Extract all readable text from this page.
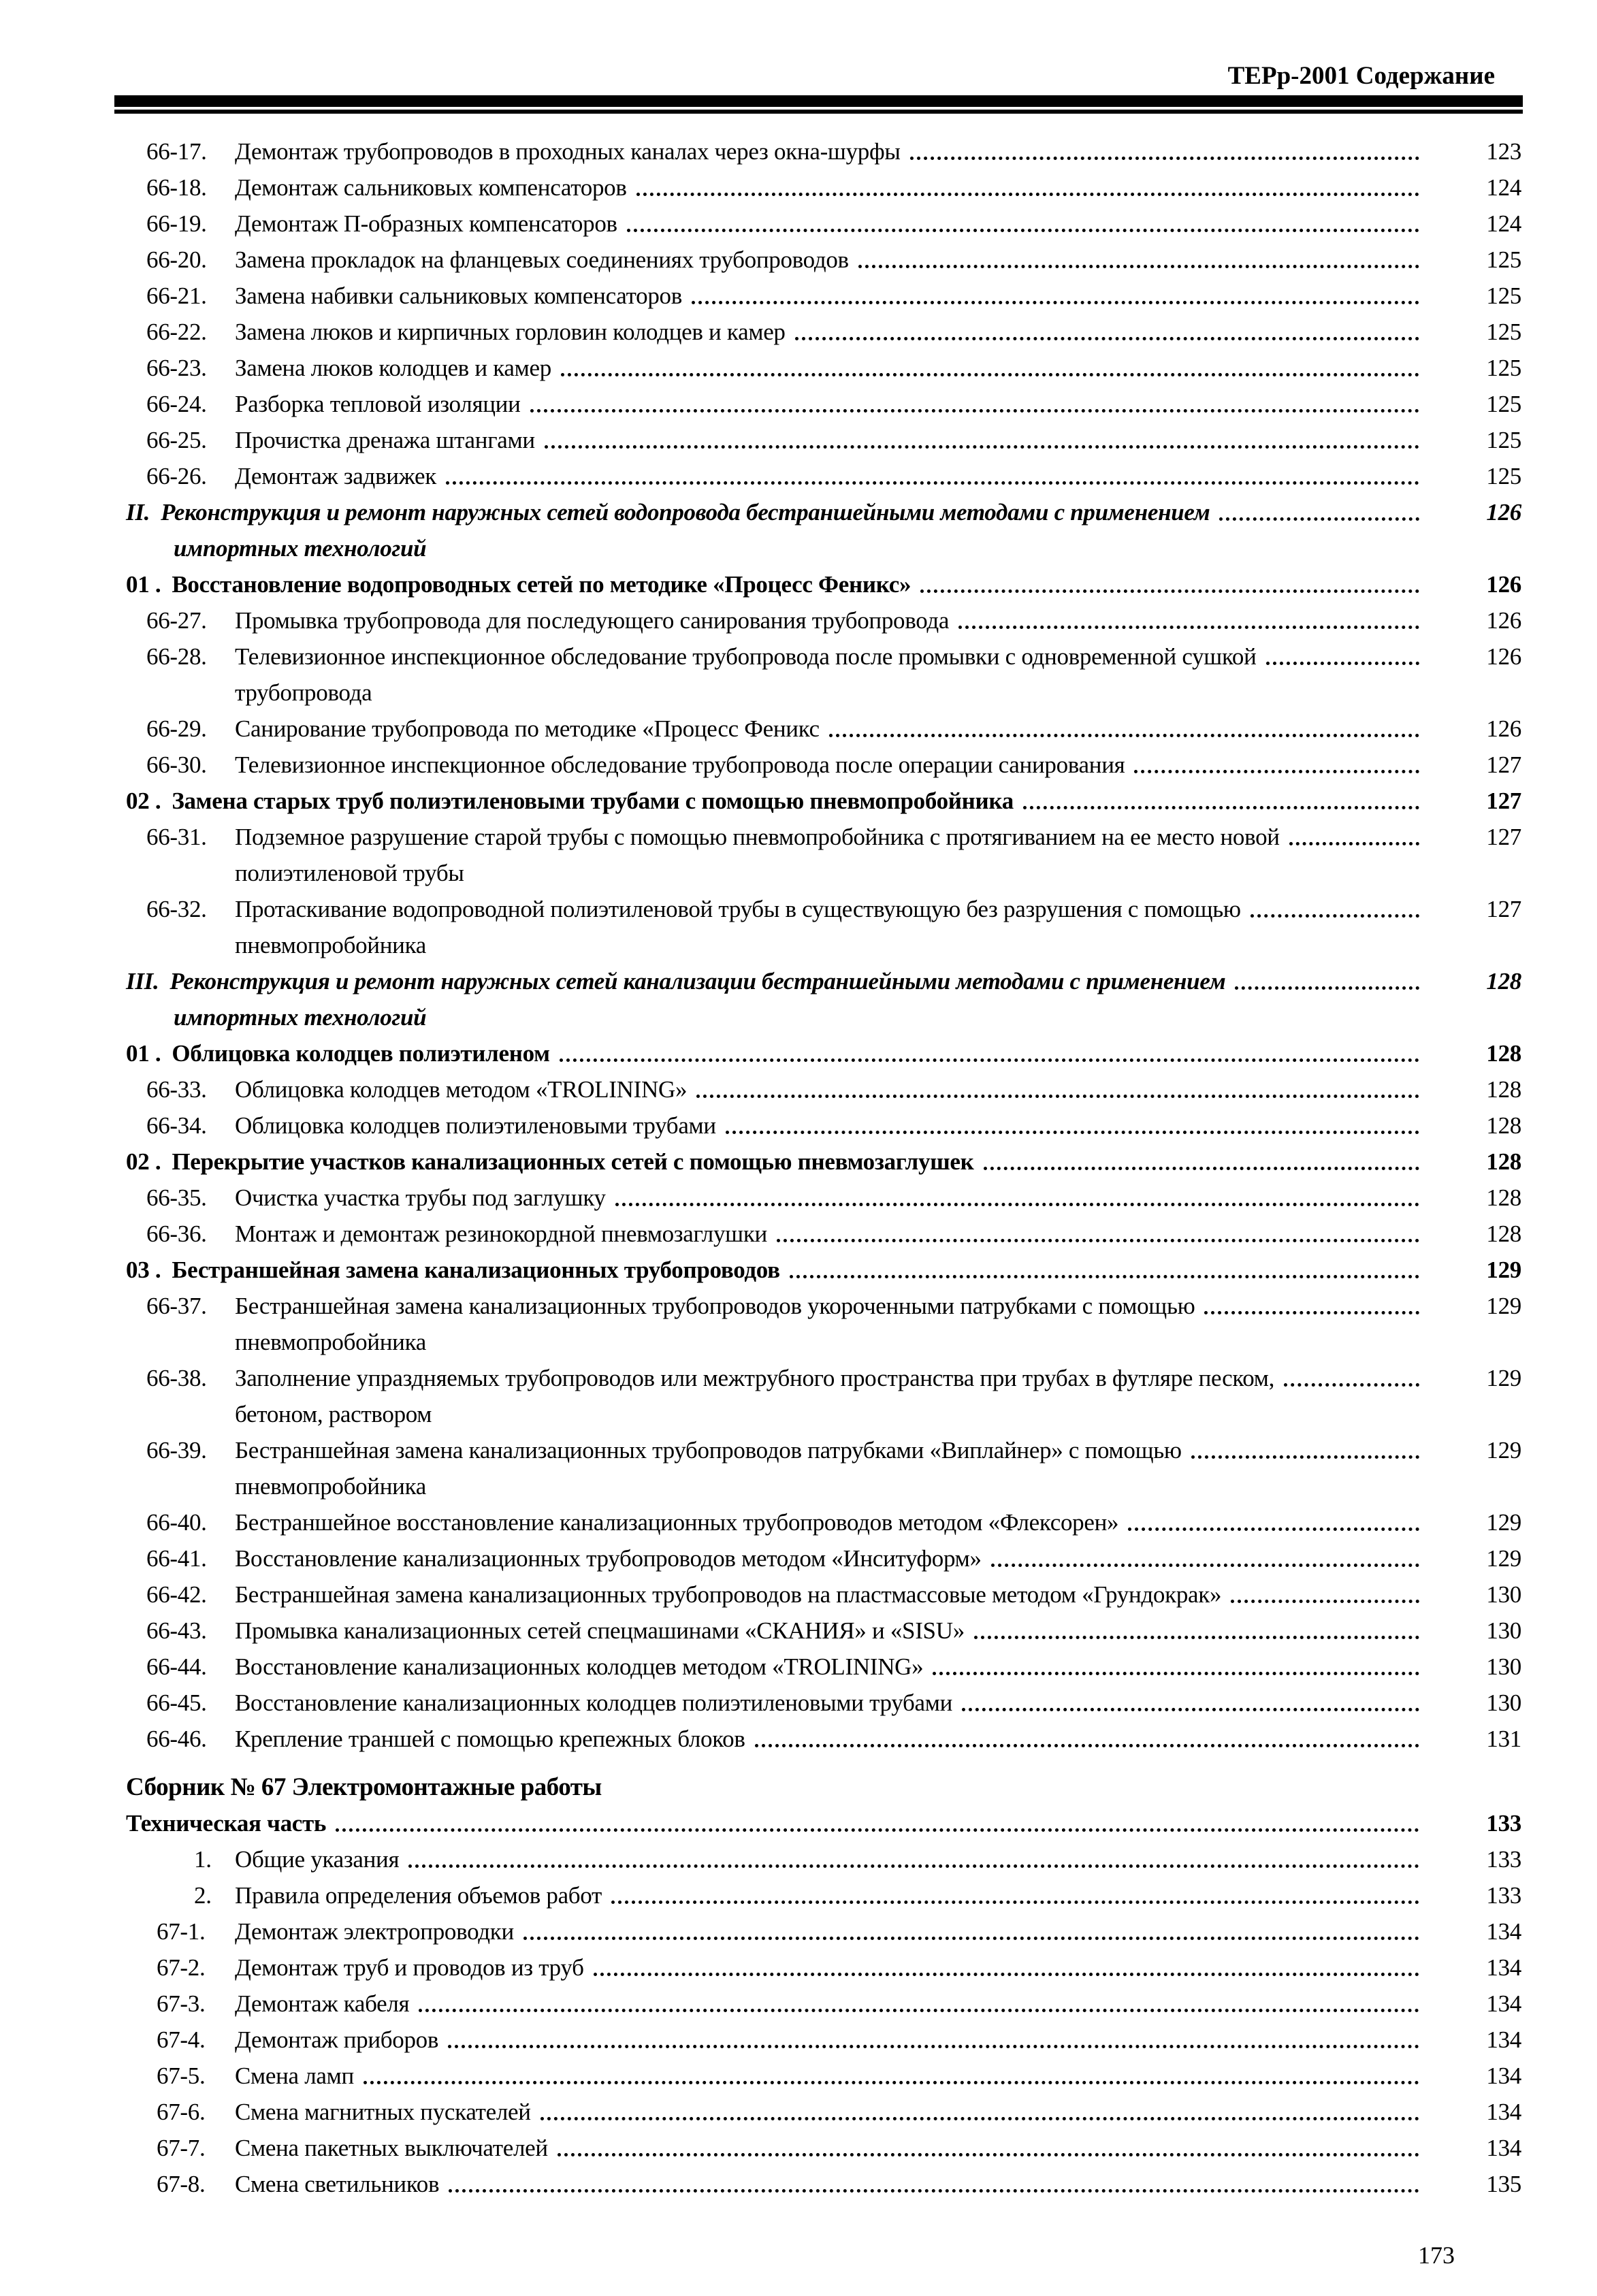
ТЕРр-2001 Содержание
66-17.	Демонтаж трубопроводов в проходных каналах через окна-шурфы	123
66-18.	Демонтаж сальниковых компенсаторов	124
66-19.	Демонтаж П-образных компенсаторов	124
66-20.	Замена прокладок на фланцевых соединениях трубопроводов	125
66-21.	Замена набивки сальниковых компенсаторов	125
66-22.	Замена люков и кирпичных горловин колодцев и камер	125
66-23.	Замена люков колодцев и камер	125
66-24.	Разборка тепловой изоляции	125
66-25.	Прочистка дренажа штангами	125
66-26.	Демонтаж задвижек	125
II. Реконструкция и ремонт наружных сетей водопровода бестраншейными методами с применением	126
импортных технологий
01 . Восстановление водопроводных сетей по методике «Процесс Феникс»	126
66-27.	Промывка трубопровода для последующего санирования трубопровода	126
66-28.	Телевизионное инспекционное обследование трубопровода после промывки с одновременной сушкой	126
трубопровода
66-29.	Санирование трубопровода по методике «Процесс Феникс	126
66-30.	Телевизионное инспекционное обследование трубопровода после операции санирования	127
02 . Замена старых труб полиэтиленовыми трубами с помощью пневмопробойника	127
66-31.	Подземное разрушение старой трубы с помощью пневмопробойника с протягиванием на ее место новой	127
полиэтиленовой трубы
66-32.	Протаскивание водопроводной полиэтиленовой трубы в существующую без разрушения с помощью	127
пневмопробойника
III. Реконструкция и ремонт наружных сетей канализации бестраншейными методами с применением	128
импортных технологий
01 . Облицовка колодцев полиэтиленом	128
66-33.	Облицовка колодцев методом «TROLINING»	128
66-34.	Облицовка колодцев полиэтиленовыми трубами	128
02 . Перекрытие участков канализационных сетей с помощью пневмозаглушек	128
66-35.	Очистка участка трубы под заглушку	128
66-36.	Монтаж и демонтаж резинокордной пневмозаглушки	128
03 . Бестраншейная замена канализационных трубопроводов	129
66-37.	Бестраншейная замена канализационных трубопроводов укороченными патрубками с помощью	129
пневмопробойника
66-38.	Заполнение упраздняемых трубопроводов или межтрубного пространства при трубах в футляре песком,	129
бетоном, раствором
66-39.	Бестраншейная замена канализационных трубопроводов патрубками «Виплайнер» с помощью	129
пневмопробойника
66-40.	Бестраншейное восстановление канализационных трубопроводов методом «Флексорен»	129
66-41.	Восстановление канализационных трубопроводов методом «Инситуформ»	129
66-42.	Бестраншейная замена канализационных трубопроводов на пластмассовые методом «Грундокрак»	130
66-43.	Промывка канализационных сетей спецмашинами «СКАНИЯ» и «SISU»	130
66-44.	Восстановление канализационных колодцев методом «TROLINING»	130
66-45.	Восстановление канализационных колодцев полиэтиленовыми трубами	130
66-46.	Крепление траншей с помощью крепежных блоков	131
Сборник № 67 Электромонтажные работы
Техническая часть	133
1. Общие указания	133
2. Правила определения объемов работ	133
67-1.	Демонтаж электропроводки	134
67-2.	Демонтаж труб и проводов из труб	134
67-3.	Демонтаж кабеля	134
67-4.	Демонтаж приборов	134
67-5.	Смена ламп	134
67-6.	Смена магнитных пускателей	134
67-7.	Смена пакетных выключателей	134
67-8.	Смена светильников	135
173
